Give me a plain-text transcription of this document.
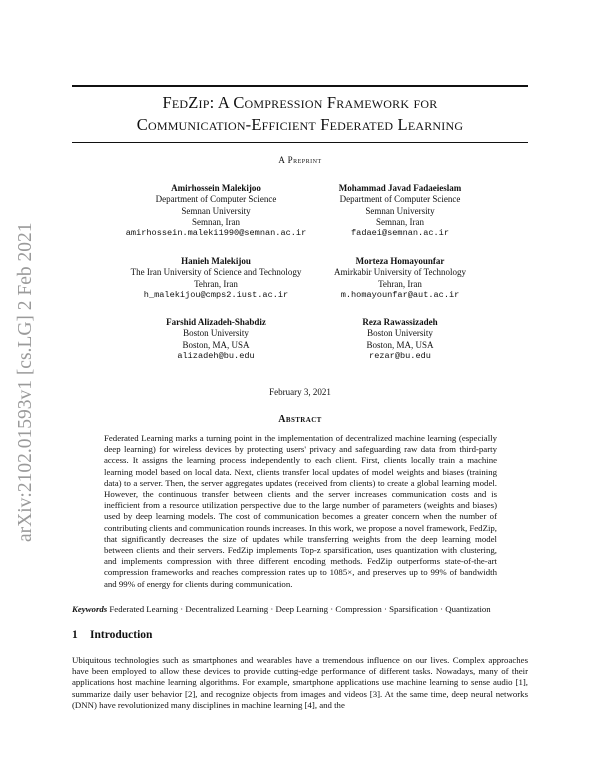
arXiv:2102.01593v1 [cs.LG] 2 Feb 2021
FedZip: A Compression Framework for
Communication-Efficient Federated Learning
A Preprint
Amirhossein Malekijoo
Department of Computer Science
Semnan University
Semnan, Iran
amirhossein.maleki1990@semnan.ac.ir
Mohammad Javad Fadaeieslam
Department of Computer Science
Semnan University
Semnan, Iran
fadaei@semnan.ac.ir
Hanieh Malekijou
The Iran University of Science and Technology
Tehran, Iran
h_malekijou@cmps2.iust.ac.ir
Morteza Homayounfar
Amirkabir University of Technology
Tehran, Iran
m.homayounfar@aut.ac.ir
Farshid Alizadeh-Shabdiz
Boston University
Boston, MA, USA
alizadeh@bu.edu
Reza Rawassizadeh
Boston University
Boston, MA, USA
rezar@bu.edu
February 3, 2021
Abstract
Federated Learning marks a turning point in the implementation of decentralized machine learning (especially deep learning) for wireless devices by protecting users' privacy and safeguarding raw data from third-party access. It assigns the learning process independently to each client. First, clients locally train a machine learning model based on local data. Next, clients transfer local updates of model weights and biases (training data) to a server. Then, the server aggregates updates (received from clients) to create a global learning model. However, the continuous transfer between clients and the server increases communication costs and is inefficient from a resource utilization perspective due to the large number of parameters (weights and biases) used by deep learning models. The cost of communication becomes a greater concern when the number of contributing clients and communication rounds increases. In this work, we propose a novel framework, FedZip, that significantly decreases the size of updates while transferring weights from the deep learning model between clients and their servers. FedZip implements Top-z sparsification, uses quantization with clustering, and implements compression with three different encoding methods. FedZip outperforms state-of-the-art compression frameworks and reaches compression rates up to 1085×, and preserves up to 99% of bandwidth and 99% of energy for clients during communication.
Keywords Federated Learning · Decentralized Learning · Deep Learning · Compression · Sparsification · Quantization
1 Introduction
Ubiquitous technologies such as smartphones and wearables have a tremendous influence on our lives. Complex approaches have been employed to allow these devices to provide cutting-edge performance of different tasks. Nowadays, many of their applications host machine learning algorithms. For example, smartphone applications use machine learning to sense audio [1], summarize daily user behavior [2], and recognize objects from images and videos [3]. At the same time, deep neural networks (DNN) have revolutionized many disciplines in machine learning [4], and the
